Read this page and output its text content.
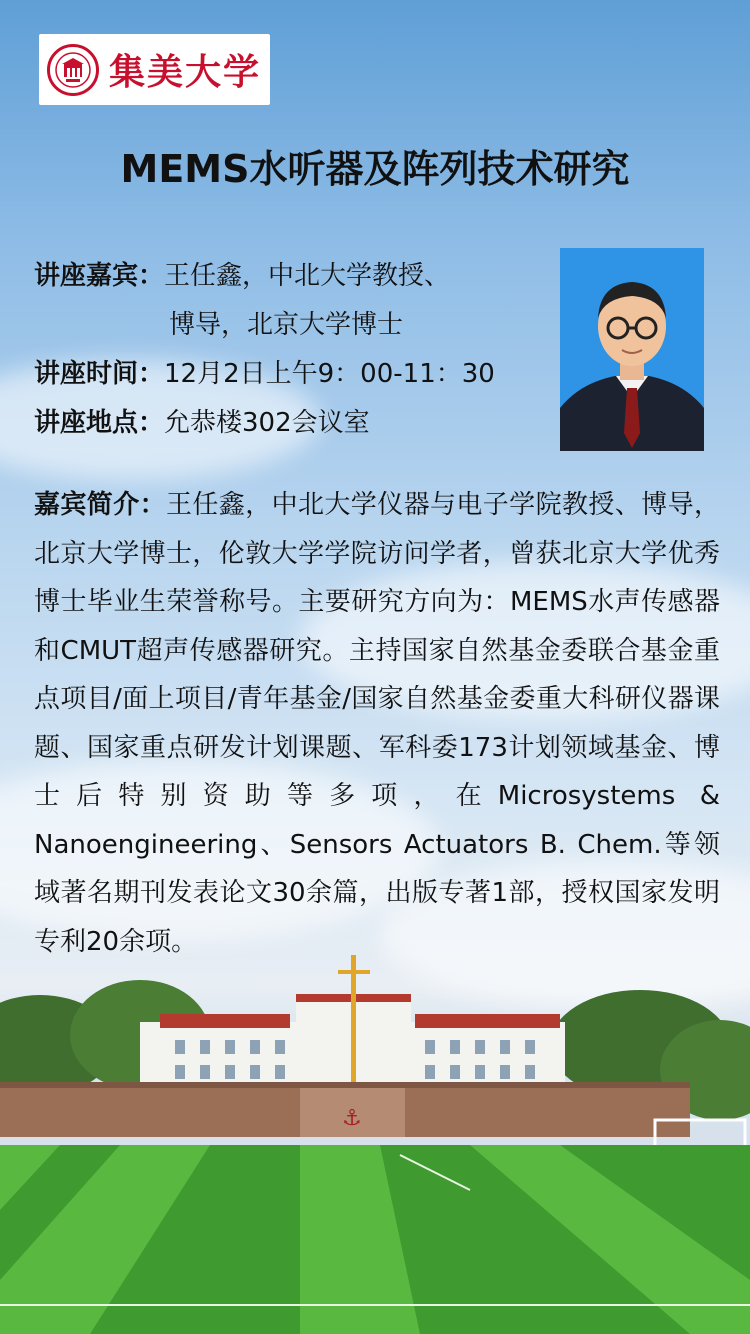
集美大学
MEMS水听器及阵列技术研究
讲座嘉宾： 王任鑫，中北大学教授、
博导，北京大学博士
讲座时间： 12月2日上午9：00-11：30
讲座地点： 允恭楼302会议室
嘉宾简介：王任鑫，中北大学仪器与电子学院教授、博导，北京大学博士，伦敦大学学院访问学者，曾获北京大学优秀博士毕业生荣誉称号。主要研究方向为：MEMS水声传感器和CMUT超声传感器研究。主持国家自然基金委联合基金重点项目/面上项目/青年基金/国家自然基金委重大科研仪器课题、国家重点研发计划课题、军科委173计划领域基金、博士后特别资助等多项，在Microsystems & Nanoengineering、Sensors Actuators B. Chem.等领域著名期刊发表论文30余篇，出版专著1部，授权国家发明专利20余项。
⚓
